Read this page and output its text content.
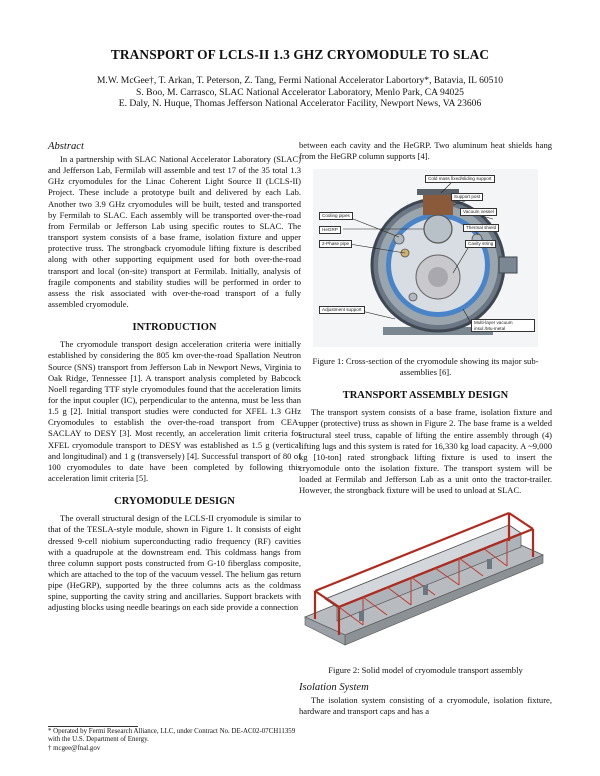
TRANSPORT OF LCLS-II 1.3 GHZ CRYOMODULE TO SLAC
M.W. McGee†, T. Arkan, T. Peterson, Z. Tang, Fermi National Accelerator Labortory*, Batavia, IL 60510
S. Boo, M. Carrasco, SLAC National Accelerator Laboratory, Menlo Park, CA 94025
E. Daly, N. Huque, Thomas Jefferson National Accelerator Facility, Newport News, VA 23606
Abstract

In a partnership with SLAC National Accelerator Laboratory (SLAC) and Jefferson Lab, Fermilab will assemble and test 17 of the 35 total 1.3 GHz cryomodules for the Linac Coherent Light Source II (LCLS-II) Project. These include a prototype built and delivered by each Lab. Another two 3.9 GHz cryomodules will be built, tested and transported by Fermilab to SLAC. Each assembly will be transported over-the-road from Fermilab or Jefferson Lab using specific routes to SLAC. The transport system consists of a base frame, isolation fixture and upper protective truss. The strongback cryomodule lifting fixture is described along with other supporting equipment used for both over-the-road transport and local (on-site) transport at Fermilab. Initially, analysis of fragile components and stability studies will be performed in order to assess the risk associated with over-the-road transport of a fully assembled cryomodule.

INTRODUCTION

The cryomodule transport design acceleration criteria were initially established by considering the 805 km over-the-road Spallation Neutron Source (SNS) transport from Jefferson Lab in Newport News, Virginia to Oak Ridge, Tennessee [1]. A transport analysis completed by Babcock Noell regarding TTF style cryomodules found that the acceleration limits for the input coupler (IC), perpendicular to the antenna, must be less than 1.5 g [2]. Initial transport studies were conducted for XFEL 1.3 GHz Cryomodules to establish the over-the-road transport from CEA-SACLAY to DESY [3]. Most recently, an acceleration limit criteria for XFEL cryomodule transport to DESY was established as 1.5 g (vertical and longitudinal) and 1 g (transversely) [4]. Successful transport of 80 of 100 cryomodules to date have been completed by following this acceleration limit criteria [5].

CRYOMODULE DESIGN

The overall structural design of the LCLS-II cryomodule is similar to that of the TESLA-style module, shown in Figure 1. It consists of eight dressed 9-cell niobium superconducting radio frequency (RF) cavities with a quadrupole at the downstream end. This coldmass hangs from three column support posts constructed from G-10 fiberglass composite, which are attached to the top of the vacuum vessel. The helium gas return pipe (HeGRP), supported by the three columns acts as the coldmass spine, supporting the cavity string and ancillaries. Support brackets with adjusting blocks using needle bearings on each side provide a connection

between each cavity and the HeGRP. Two aluminum heat shields hang from the HeGRP column supports [4].

Cold mass fixed/sliding support
Support post
Vacuum vessel
Cooling pipes
HeGRP	Thermal shield
2-Phase pipe	Cavity string
Adjustment support
Multi-layer vacuum insul./Mu-metal

Figure 1: Cross-section of the cryomodule showing its major sub-assemblies [6].

TRANSPORT ASSEMBLY DESIGN

The transport system consists of a base frame, isolation fixture and upper (protective) truss as shown in Figure 2. The base frame is a welded structural steel truss, capable of lifting the entire assembly through (4) lifting lugs and this system is rated for 16,330 kg load capacity. A ~9,000 kg [10-ton] rated strongback lifting fixture is used to insert the cryomodule onto the isolation fixture. The transport system will be loaded at Fermilab and Jefferson Lab as a unit onto the tractor-trailer. However, the strongback fixture will be used to unload at SLAC.

Figure 2: Solid model of cryomodule transport assembly

Isolation System

The isolation system consisting of a cryomodule, isolation fixture, hardware and transport caps and has a

* Operated by Fermi Research Alliance, LLC, under Contract No. DE-AC02-07CH11359 with the U.S. Department of Energy.

† mcgee@fnal.gov
